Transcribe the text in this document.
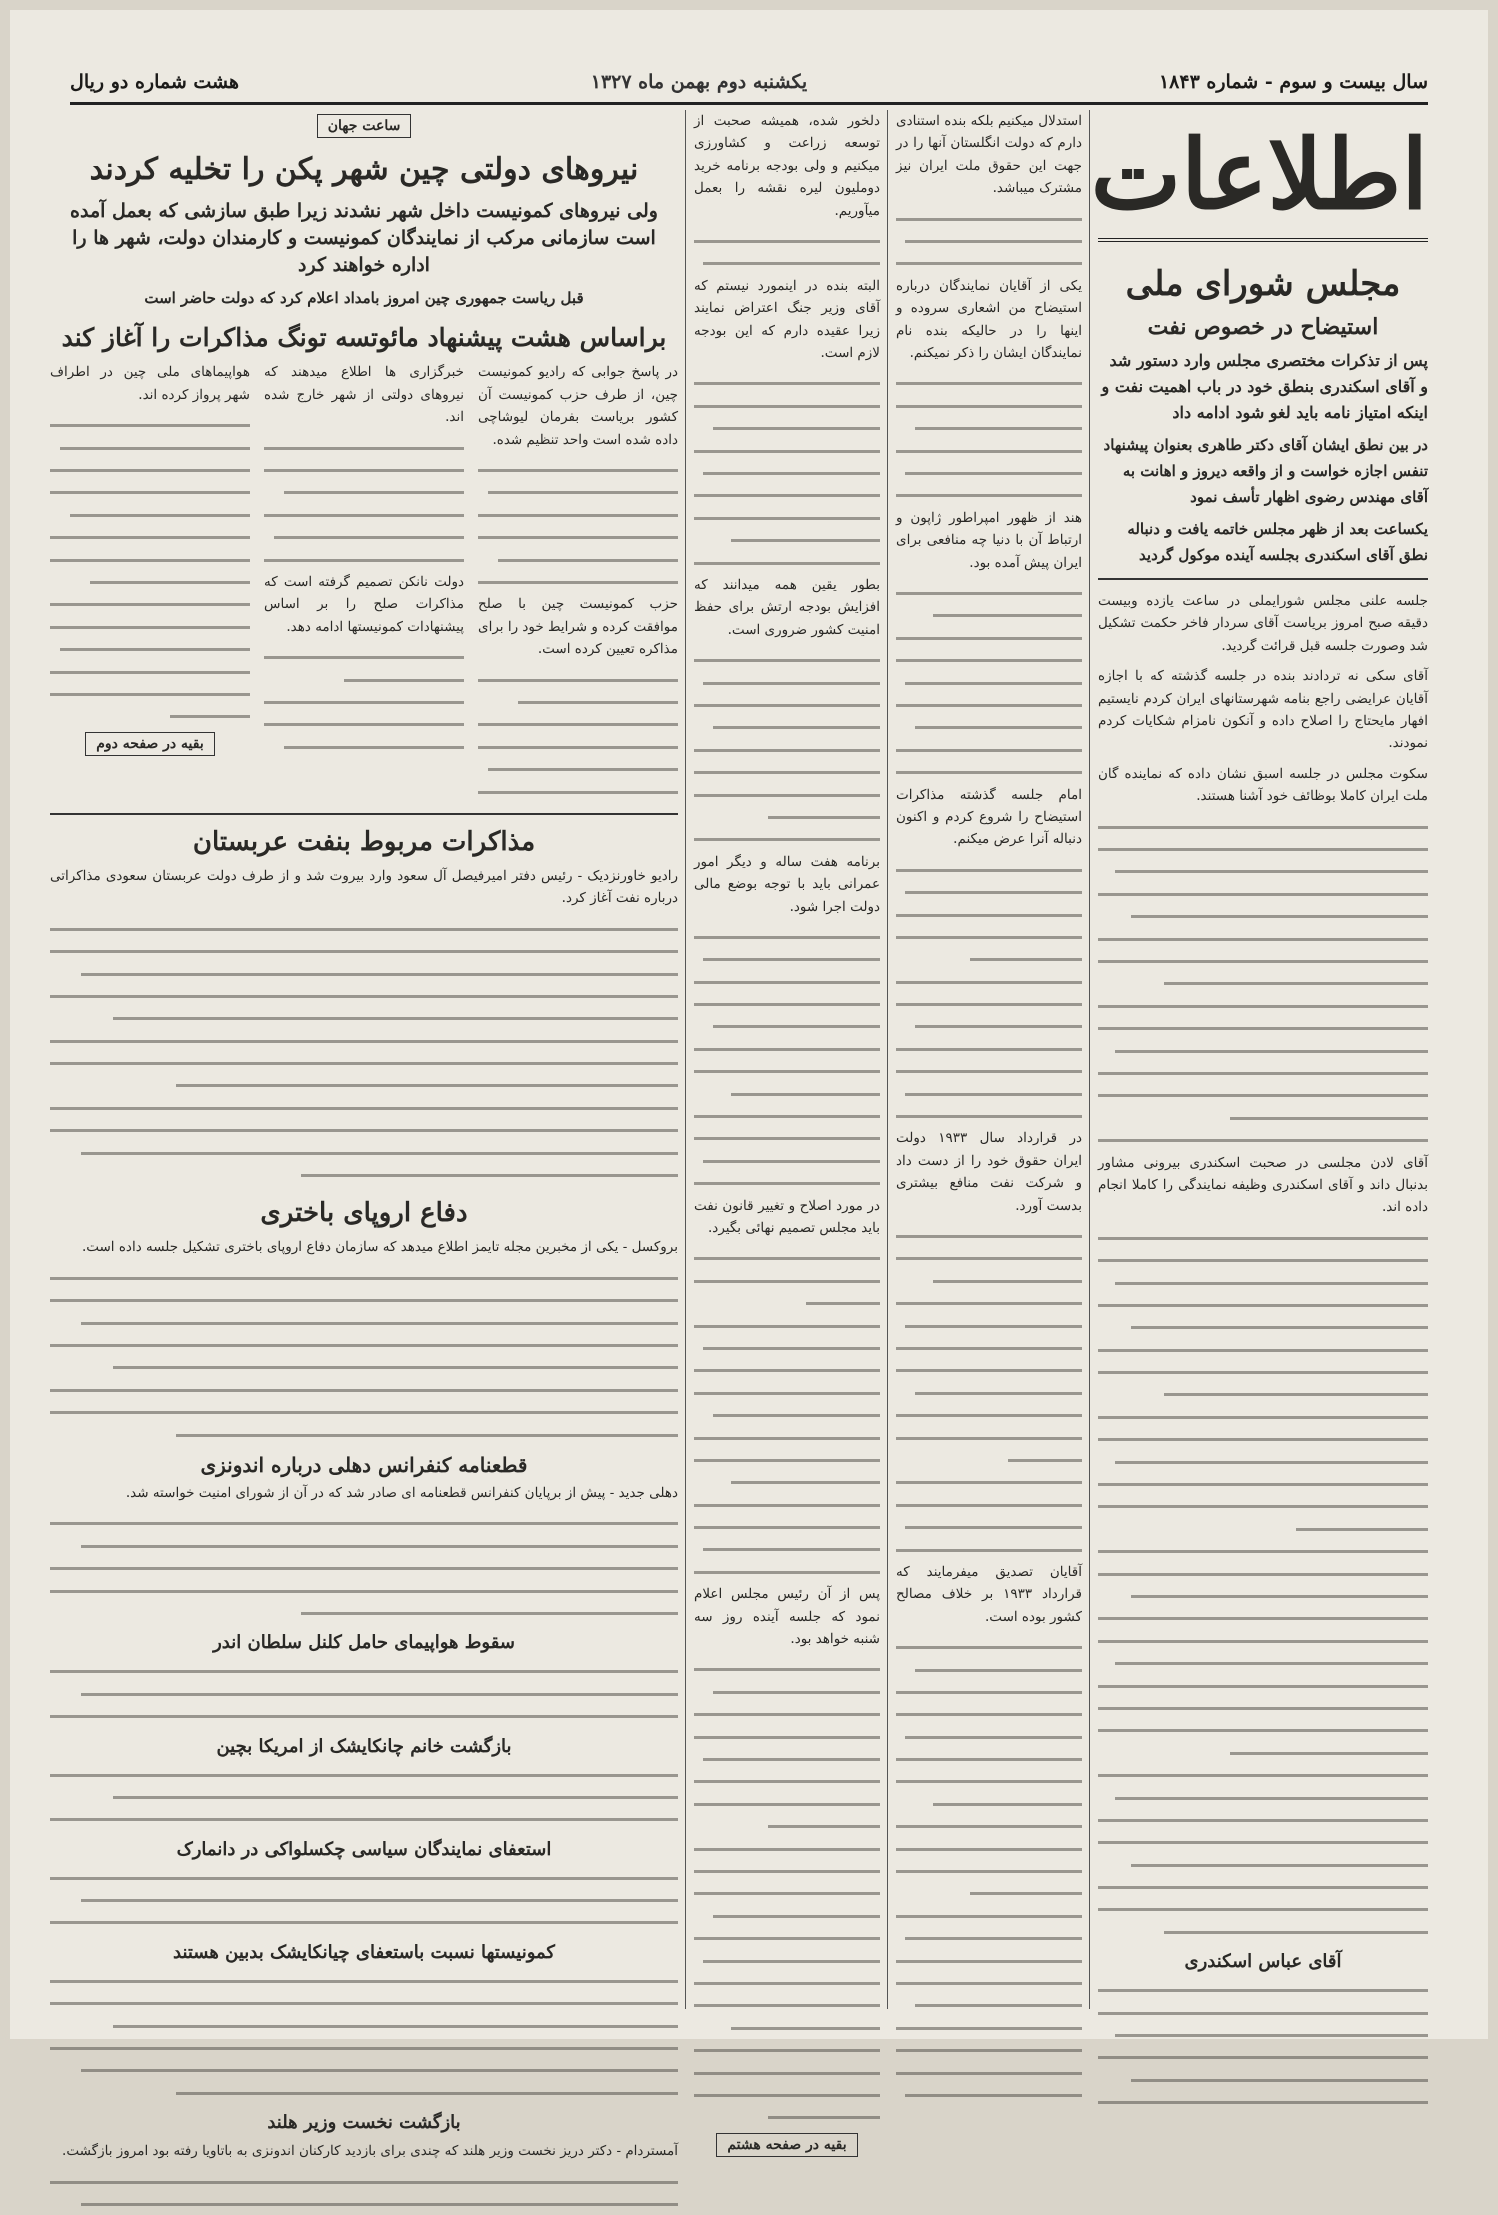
سال بیست و سوم - شماره ۱۸۴۳
یکشنبه دوم بهمن ماه ۱۳۲۷
هشت شماره دو ریال
اطلاعات
مجلس شورای ملی
استیضاح در خصوص نفت
پس از تذکرات مختصری مجلس وارد دستور شد و آقای اسکندری بنطق خود در باب اهمیت نفت و اینکه امتیاز نامه باید لغو شود ادامه داد
در بین نطق ایشان آقای دکتر طاهری بعنوان پیشنهاد تنفس اجازه خواست و از واقعه دیروز و اهانت به آقای مهندس رضوی اظهار تأسف نمود
یکساعت بعد از ظهر مجلس خاتمه یافت و دنباله نطق آقای اسکندری بجلسه آینده موکول گردید

جلسه علنی مجلس شورایملی در ساعت یازده وبیست دقیقه صبح امروز بریاست آقای سردار فاخر حکمت تشکیل شد وصورت جلسه قبل قرائت گردید.

آقای سکی نه تردادند بنده در جلسه گذشته که با اجازه آقایان عرایضی راجع بنامه شهرستانهای ایران کردم نایستیم افهار مایحتاج را اصلاح داده و آنکون نامزام شکایات کردم نمودند.

سکوت مجلس در جلسه اسبق نشان داده که نماینده گان ملت ایران کاملا بوظائف خود آشنا هستند.

آقای لادن مجلسی در صحبت اسکندری بیرونی مشاور بدنبال داند و آقای اسکندری وظیفه نمایندگی را کاملا انجام داده اند.

آقای عباس اسکندری

استدلال میکنیم بلکه بنده استنادی دارم که دولت انگلستان آنها را در جهت این حقوق ملت ایران نیز مشترک میباشد.

یکی از آقایان نمایندگان درباره استیضاح من اشعاری سروده و اینها را در حالیکه بنده نام نمایندگان ایشان را ذکر نمیکنم.

هند از ظهور امپراطور ژاپون و ارتباط آن با دنیا چه منافعی برای ایران پیش آمده بود.

امام جلسه گذشته مذاکرات استیضاح را شروع کردم و اکنون دنباله آنرا عرض میکنم.

در قرارداد سال ۱۹۳۳ دولت ایران حقوق خود را از دست داد و شرکت نفت منافع بیشتری بدست آورد.

آقایان تصدیق میفرمایند که قرارداد ۱۹۳۳ بر خلاف مصالح کشور بوده است.

دلخور شده، همیشه صحبت از توسعه زراعت و کشاورزی میکنیم و ولی بودجه برنامه خرید دوملیون لیره نقشه را بعمل میآوریم.

البته بنده در اینمورد نیستم که آقای وزیر جنگ اعتراض نمایند زیرا عقیده دارم که این بودجه لازم است.

بطور یقین همه میدانند که افزایش بودجه ارتش برای حفظ امنیت کشور ضروری است.

برنامه هفت ساله و دیگر امور عمرانی باید با توجه بوضع مالی دولت اجرا شود.

در مورد اصلاح و تغییر قانون نفت باید مجلس تصمیم نهائی بگیرد.

پس از آن رئیس مجلس اعلام نمود که جلسه آینده روز سه شنبه خواهد بود.

بقیه در صفحه هشتم
ساعت جهان
نیروهای دولتی چین شهر پکن را تخلیه کردند
ولی نیروهای کمونیست داخل شهر نشدند زیرا طبق سازشی که بعمل آمده است سازمانی مرکب از نمایندگان کمونیست و کارمندان دولت، شهر ها را اداره خواهند کرد
قبل ریاست جمهوری چین امروز بامداد اعلام کرد که دولت حاضر است
براساس هشت پیشنهاد مائوتسه تونگ مذاکرات را آغاز کند

در پاسخ جوابی که رادیو کمونیست چین، از طرف حزب کمونیست آن کشور بریاست بفرمان لیوشاچی داده شده است واحد تنظیم شده.

حزب کمونیست چین با صلح موافقت کرده و شرایط خود را برای مذاکره تعیین کرده است.

خبرگزاری ها اطلاع میدهند که نیروهای دولتی از شهر خارج شده اند.

دولت نانکن تصمیم گرفته است که مذاکرات صلح را بر اساس پیشنهادات کمونیستها ادامه دهد.

هواپیماهای ملی چین در اطراف شهر پرواز کرده اند.

بقیه در صفحه دوم
مذاکرات مربوط بنفت عربستان

رادیو خاورنزدیک - رئیس دفتر امیرفیصل آل سعود وارد بیروت شد و از طرف دولت عربستان سعودی مذاکراتی درباره نفت آغاز کرد.

دفاع اروپای باختری

بروکسل - یکی از مخبرین مجله تایمز اطلاع میدهد که سازمان دفاع اروپای باختری تشکیل جلسه داده است.

قطعنامه کنفرانس دهلی درباره اندونزی

دهلی جدید - پیش از برپایان کنفرانس قطعنامه ای صادر شد که در آن از شورای امنیت خواسته شد.

سقوط هواپیمای حامل کلنل سلطان اندر
بازگشت خانم چانکایشک از امریکا بچین
استعفای نمایندگان سیاسی چکسلواکی در دانمارک
کمونیستها نسبت باستعفای چیانکایشک بدبین هستند
بازگشت نخست وزیر هلند

آمستردام - دکتر دریز نخست وزیر هلند که چندی برای بازدید کارکنان اندونزی به باتاویا رفته بود امروز بازگشت.
